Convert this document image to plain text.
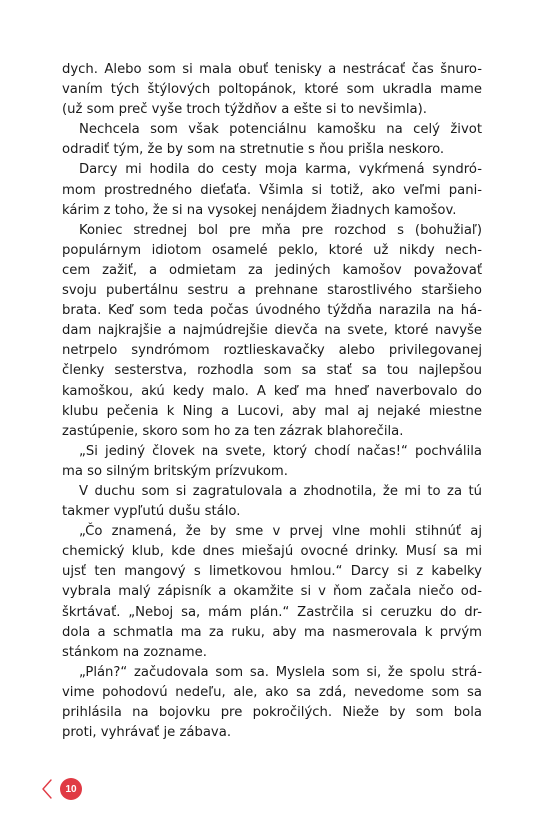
dych. Alebo som si mala obuť tenisky a nestrácať čas šnuro-
vaním tých štýlových poltopánok, ktoré som ukradla mame
(už som preč vyše troch týždňov a ešte si to nevšimla).
Nechcela som však potenciálnu kamošku na celý život
odradiť tým, že by som na stretnutie s ňou prišla neskoro.
Darcy mi hodila do cesty moja karma, vykŕmená syndró-
mom prostredného dieťaťa. Všimla si totiž, ako veľmi pani-
kárim z toho, že si na vysokej nenájdem žiadnych kamošov.
Koniec strednej bol pre mňa pre rozchod s (bohužiaľ)
populárnym idiotom osamelé peklo, ktoré už nikdy nech-
cem zažiť, a odmietam za jediných kamošov považovať
svoju pubertálnu sestru a prehnane starostlivého staršieho
brata. Keď som teda počas úvodného týždňa narazila na há-
dam najkrajšie a najmúdrejšie dievča na svete, ktoré navyše
netrpelo syndrómom roztlieskavačky alebo privilegovanej
členky sesterstva, rozhodla som sa stať sa tou najlepšou
kamoškou, akú kedy malo. A keď ma hneď naverbovalo do
klubu pečenia k Ning a Lucovi, aby mal aj nejaké miestne
zastúpenie, skoro som ho za ten zázrak blahorečila.
„Si jediný človek na svete, ktorý chodí načas!“ pochválila
ma so silným britským prízvukom.
V duchu som si zagratulovala a zhodnotila, že mi to za tú
takmer vypľutú dušu stálo.
„Čo znamená, že by sme v prvej vlne mohli stihnúť aj
chemický klub, kde dnes miešajú ovocné drinky. Musí sa mi
ujsť ten mangový s limetkovou hmlou.“ Darcy si z kabelky
vybrala malý zápisník a okamžite si v ňom začala niečo od-
škrtávať. „Neboj sa, mám plán.“ Zastrčila si ceruzku do dr-
dola a schmatla ma za ruku, aby ma nasmerovala k prvým
stánkom na zozname.
„Plán?“ začudovala som sa. Myslela som si, že spolu strá-
vime pohodovú nedeľu, ale, ako sa zdá, nevedome som sa
prihlásila na bojovku pre pokročilých. Nieže by som bola
proti, vyhrávať je zábava.
10
